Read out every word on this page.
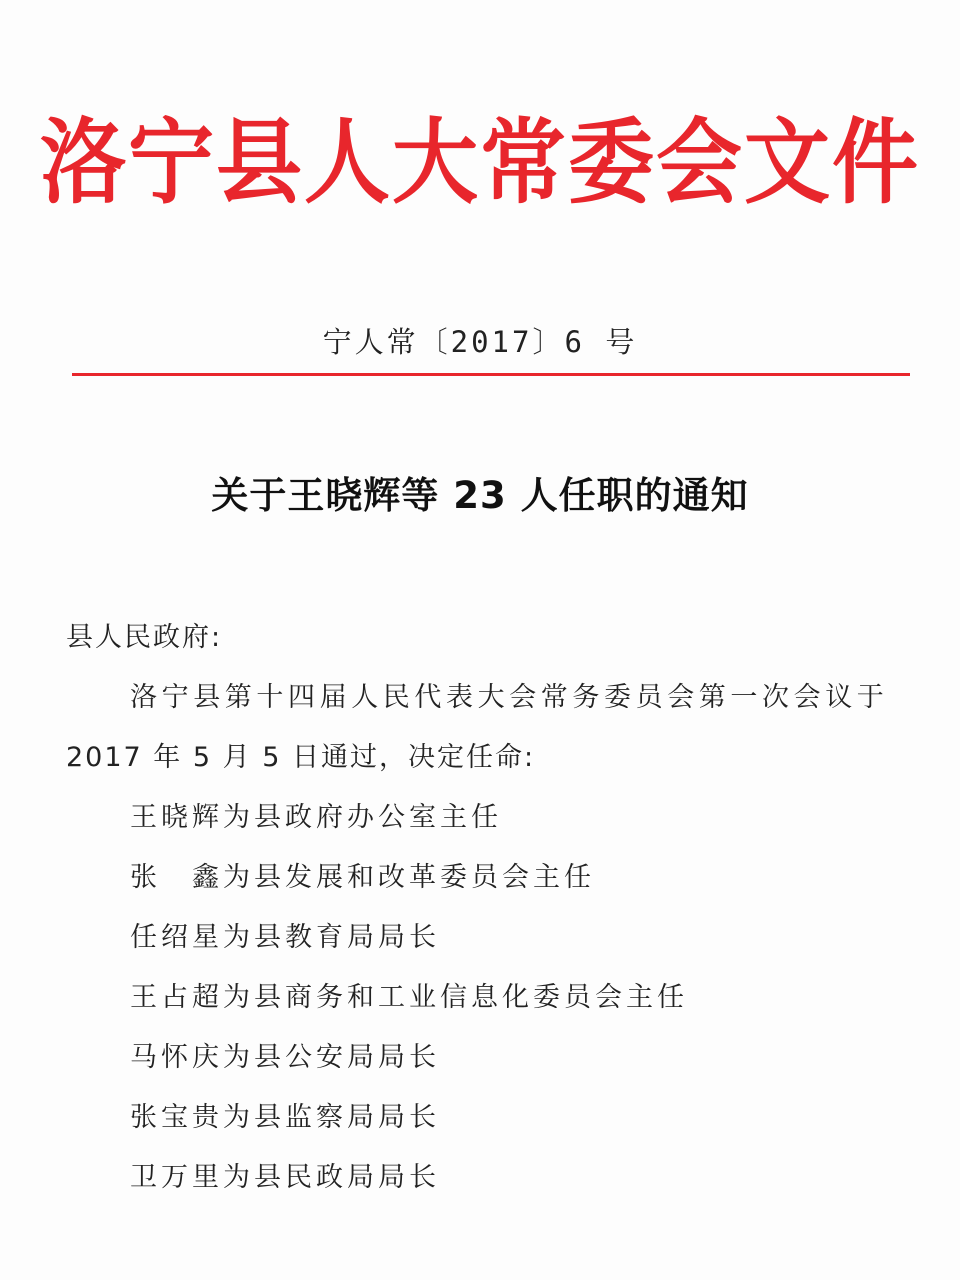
洛宁县人大常委会文件
宁人常〔2017〕6 号
关于王晓辉等 23 人任职的通知
县人民政府:
洛宁县第十四届人民代表大会常务委员会第一次会议于
2017 年 5 月 5 日通过，决定任命:
王晓辉为县政府办公室主任
张　鑫为县发展和改革委员会主任
任绍星为县教育局局长
王占超为县商务和工业信息化委员会主任
马怀庆为县公安局局长
张宝贵为县监察局局长
卫万里为县民政局局长
